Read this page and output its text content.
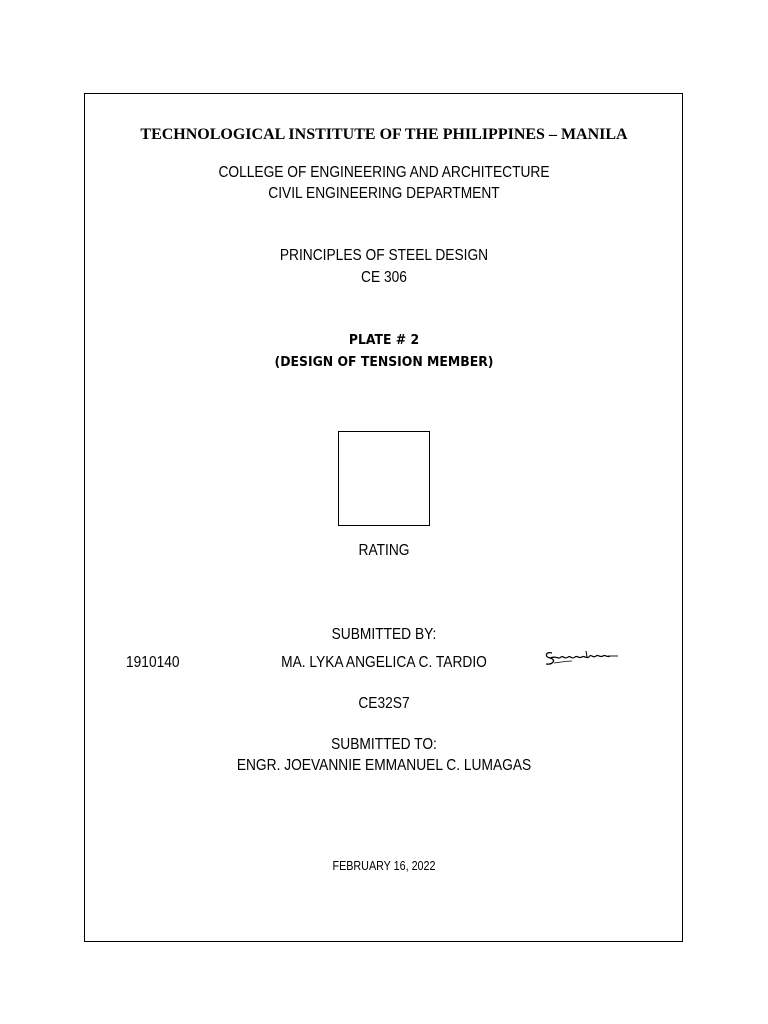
TECHNOLOGICAL INSTITUTE OF THE PHILIPPINES – MANILA
COLLEGE OF ENGINEERING AND ARCHITECTURE
CIVIL ENGINEERING DEPARTMENT
PRINCIPLES OF STEEL DESIGN
CE 306
PLATE # 2
(DESIGN OF TENSION MEMBER)
RATING
SUBMITTED BY:
1910140	MA. LYKA ANGELICA C. TARDIO
CE32S7
SUBMITTED TO:
ENGR. JOEVANNIE EMMANUEL C. LUMAGAS
FEBRUARY 16, 2022
